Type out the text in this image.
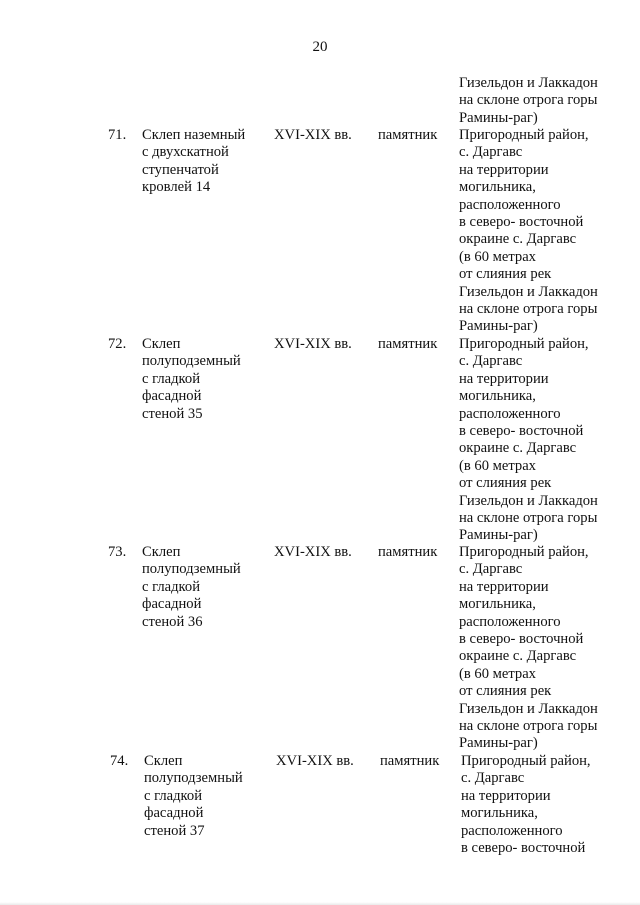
20
Гизельдон и Лаккадон
на склоне отрога горы
Рамины-раг)
71. Склеп наземный
с двухскатной
ступенчатой
кровлей 14
XVI-XIX вв. памятник Пригородный район,
с. Даргавс
на территории
могильника,
расположенного
в северо- восточной
окраине с. Даргавс
(в 60 метрах
от слияния рек
Гизельдон и Лаккадон
на склоне отрога горы
Рамины-раг)
72. Склеп
полуподземный
с гладкой
фасадной
стеной 35
XVI-XIX вв. памятник Пригородный район,
с. Даргавс
на территории
могильника,
расположенного
в северо- восточной
окраине с. Даргавс
(в 60 метрах
от слияния рек
Гизельдон и Лаккадон
на склоне отрога горы
Рамины-раг)
73. Склеп
полуподземный
с гладкой
фасадной
стеной 36
XVI-XIX вв. памятник Пригородный район,
с. Даргавс
на территории
могильника,
расположенного
в северо- восточной
окраине с. Даргавс
(в 60 метрах
от слияния рек
Гизельдон и Лаккадон
на склоне отрога горы
Рамины-раг)
74. Склеп
полуподземный
с гладкой
фасадной
стеной 37
XVI-XIX вв. памятник Пригородный район,
с. Даргавс
на территории
могильника,
расположенного
в северо- восточной
